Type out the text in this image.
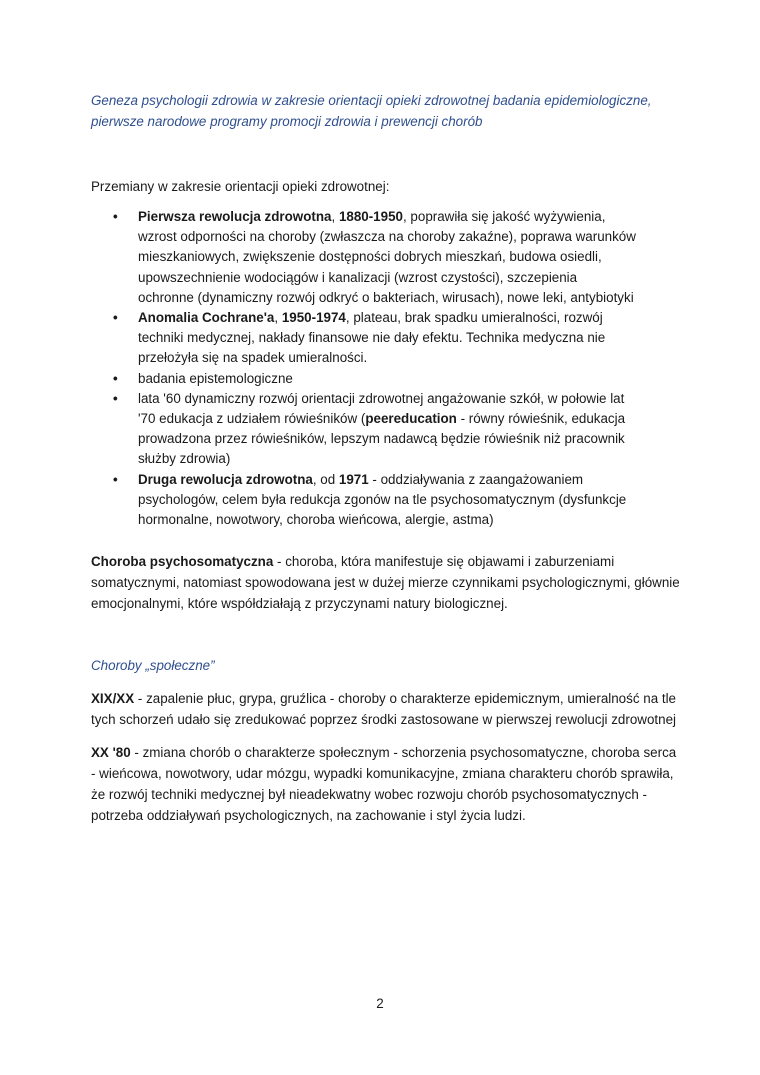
Geneza psychologii zdrowia w zakresie orientacji opieki zdrowotnej badania epidemiologiczne,
pierwsze narodowe programy promocji zdrowia i prewencji chorób
Przemiany w zakresie orientacji opieki zdrowotnej:
• Pierwsza rewolucja zdrowotna, 1880-1950, poprawiła się jakość wyżywienia, wzrost odporności na choroby (zwłaszcza na choroby zakaźne), poprawa warunków mieszkaniowych, zwiększenie dostępności dobrych mieszkań, budowa osiedli, upowszechnienie wodociągów i kanalizacji (wzrost czystości), szczepienia ochronne (dynamiczny rozwój odkryć o bakteriach, wirusach), nowe leki, antybiotyki
• Anomalia Cochrane'a, 1950-1974, plateau, brak spadku umieralności, rozwój techniki medycznej, nakłady finansowe nie dały efektu. Technika medyczna nie przełożyła się na spadek umieralności.
• badania epistemologiczne
• lata '60 dynamiczny rozwój orientacji zdrowotnej angażowanie szkół, w połowie lat '70 edukacja z udziałem rówieśników (peereducation - równy rówieśnik, edukacja prowadzona przez rówieśników, lepszym nadawcą będzie rówieśnik niż pracownik służby zdrowia)
• Druga rewolucja zdrowotna, od 1971 - oddziaływania z zaangażowaniem psychologów, celem była redukcja zgonów na tle psychosomatycznym (dysfunkcje hormonalne, nowotwory, choroba wieńcowa, alergie, astma)
Choroba psychosomatyczna - choroba, która manifestuje się objawami i zaburzeniami somatycznymi, natomiast spowodowana jest w dużej mierze czynnikami psychologicznymi, głównie emocjonalnymi, które współdziałają z przyczynami natury biologicznej.
Choroby „społeczne”
XIX/XX - zapalenie płuc, grypa, gruźlica - choroby o charakterze epidemicznym, umieralność na tle tych schorzeń udało się zredukować poprzez środki zastosowane w pierwszej rewolucji zdrowotnej
XX '80 - zmiana chorób o charakterze społecznym - schorzenia psychosomatyczne, choroba serca - wieńcowa, nowotwory, udar mózgu, wypadki komunikacyjne, zmiana charakteru chorób sprawiła, że rozwój techniki medycznej był nieadekwatny wobec rozwoju chorób psychosomatycznych - potrzeba oddziaływań psychologicznych, na zachowanie i styl życia ludzi.
2
